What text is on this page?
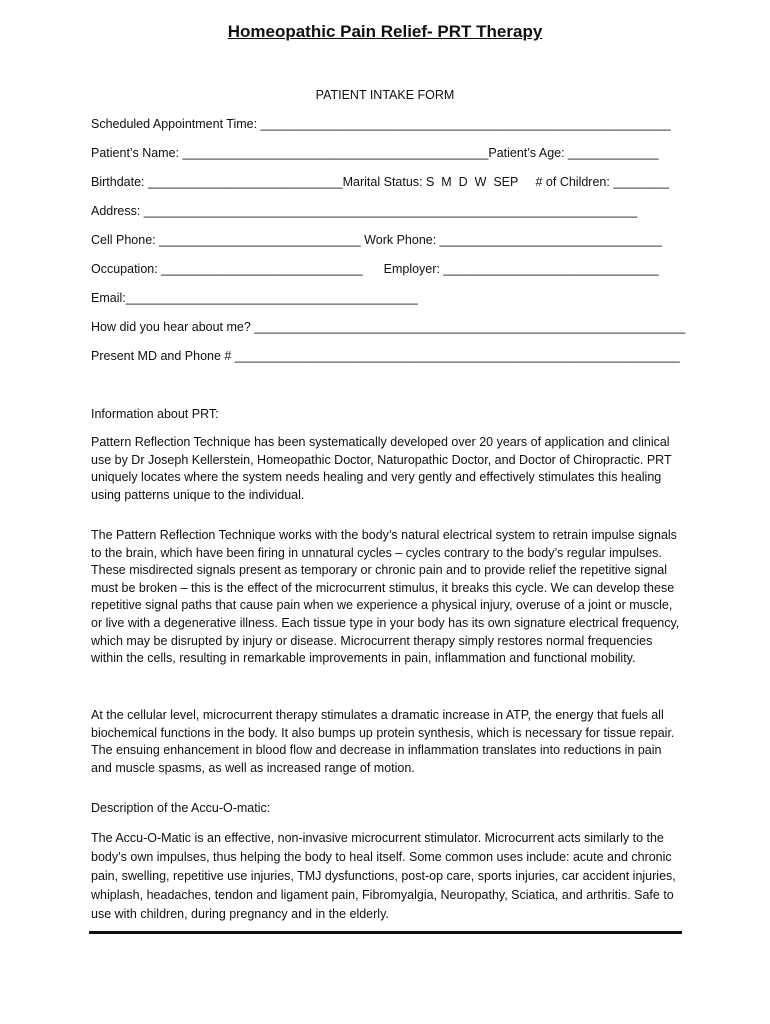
Homeopathic Pain Relief- PRT Therapy
PATIENT INTAKE FORM
Scheduled Appointment Time: ___________________________________________________________
Patient’s Name: ____________________________________________Patient’s Age: _____________
Birthdate: ____________________________Marital Status: S  M  D  W  SEP     # of Children: ________
Address: _______________________________________________________________________
Cell Phone: _____________________________ Work Phone: ________________________________
Occupation: _____________________________      Employer: _______________________________
Email:__________________________________________
How did you hear about me? ______________________________________________________________
Present MD and Phone # ________________________________________________________________
Information about PRT:
Pattern Reflection Technique has been systematically developed over 20 years of application and clinical use by Dr Joseph Kellerstein, Homeopathic Doctor, Naturopathic Doctor, and Doctor of Chiropractic. PRT uniquely locates where the system needs healing and very gently and effectively stimulates this healing using patterns unique to the individual.
The Pattern Reflection Technique works with the body’s natural electrical system to retrain impulse signals to the brain, which have been firing in unnatural cycles – cycles contrary to the body’s regular impulses. These misdirected signals present as temporary or chronic pain and to provide relief the repetitive signal must be broken – this is the effect of the microcurrent stimulus, it breaks this cycle. We can develop these repetitive signal paths that cause pain when we experience a physical injury, overuse of a joint or muscle, or live with a degenerative illness. Each tissue type in your body has its own signature electrical frequency, which may be disrupted by injury or disease. Microcurrent therapy simply restores normal frequencies within the cells, resulting in remarkable improvements in pain, inflammation and functional mobility.
At the cellular level, microcurrent therapy stimulates a dramatic increase in ATP, the energy that fuels all biochemical functions in the body. It also bumps up protein synthesis, which is necessary for tissue repair. The ensuing enhancement in blood flow and decrease in inflammation translates into reductions in pain and muscle spasms, as well as increased range of motion.
Description of the Accu-O-matic:
The Accu-O-Matic is an effective, non-invasive microcurrent stimulator. Microcurrent acts similarly to the body’s own impulses, thus helping the body to heal itself. Some common uses include: acute and chronic pain, swelling, repetitive use injuries, TMJ dysfunctions, post-op care, sports injuries, car accident injuries, whiplash, headaches, tendon and ligament pain, Fibromyalgia, Neuropathy, Sciatica, and arthritis. Safe to use with children, during pregnancy and in the elderly.
